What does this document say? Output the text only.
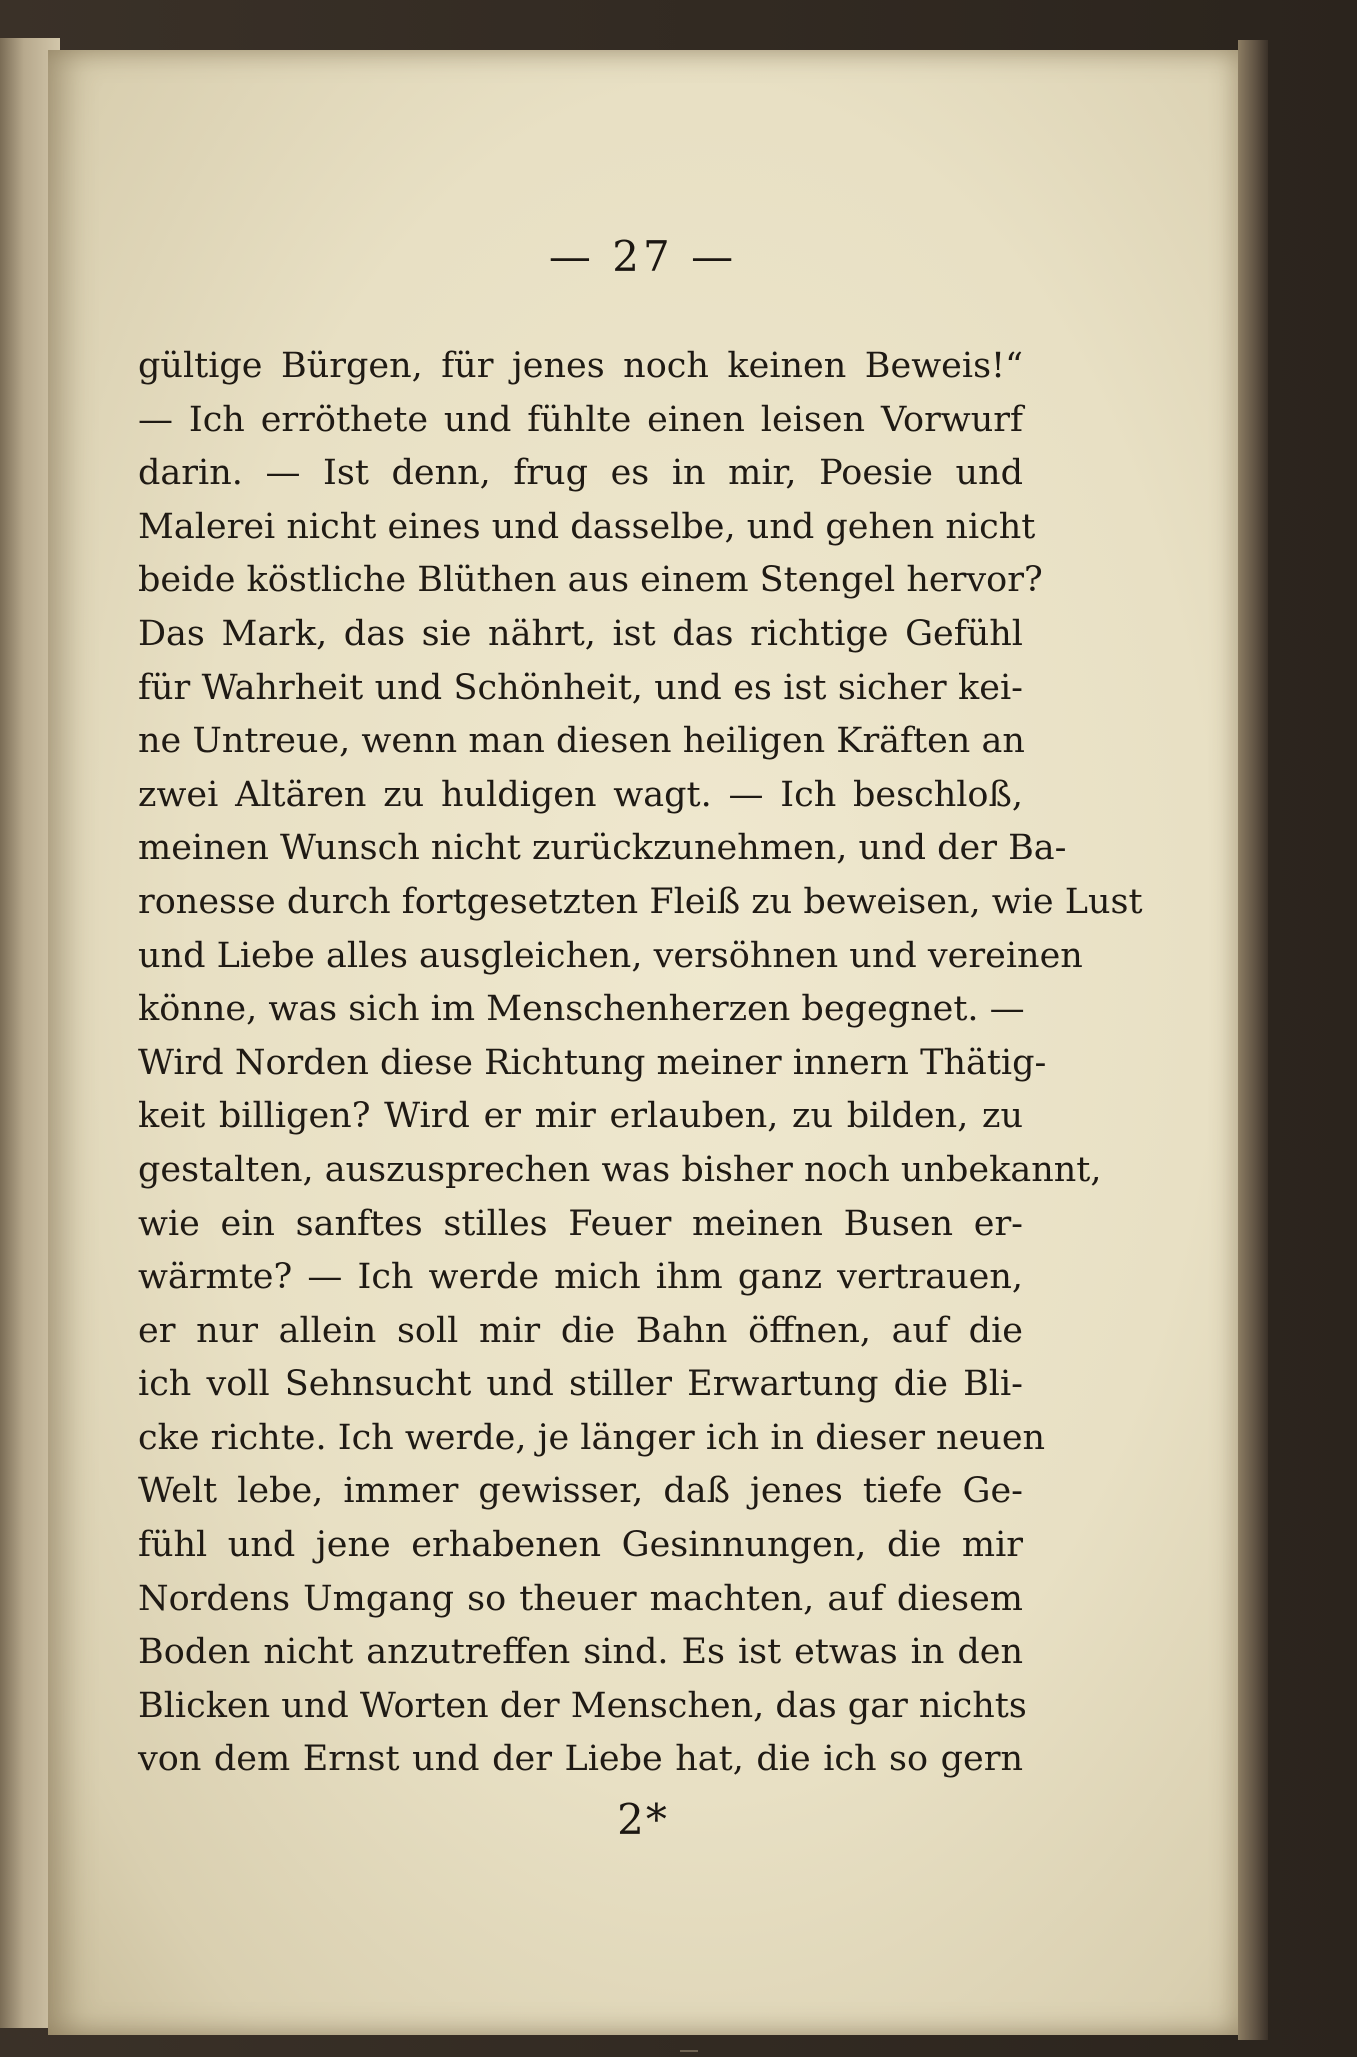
— 27 —
gültige Bürgen, für jenes noch keinen Beweis!“
— Ich erröthete und fühlte einen leisen Vorwurf
darin. — Ist denn, frug es in mir, Poesie und
Malerei nicht eines und dasselbe, und gehen nicht
beide köstliche Blüthen aus einem Stengel hervor?
Das Mark, das sie nährt, ist das richtige Gefühl
für Wahrheit und Schönheit, und es ist sicher kei-
ne Untreue, wenn man diesen heiligen Kräften an
zwei Altären zu huldigen wagt. — Ich beschloß,
meinen Wunsch nicht zurückzunehmen, und der Ba-
ronesse durch fortgesetzten Fleiß zu beweisen, wie Lust
und Liebe alles ausgleichen, versöhnen und vereinen
könne, was sich im Menschenherzen begegnet. —
Wird Norden diese Richtung meiner innern Thätig-
keit billigen? Wird er mir erlauben, zu bilden, zu
gestalten, auszusprechen was bisher noch unbekannt,
wie ein sanftes stilles Feuer meinen Busen er-
wärmte? — Ich werde mich ihm ganz vertrauen,
er nur allein soll mir die Bahn öffnen, auf die
ich voll Sehnsucht und stiller Erwartung die Bli-
cke richte. Ich werde, je länger ich in dieser neuen
Welt lebe, immer gewisser, daß jenes tiefe Ge-
fühl und jene erhabenen Gesinnungen, die mir
Nordens Umgang so theuer machten, auf diesem
Boden nicht anzutreffen sind. Es ist etwas in den
Blicken und Worten der Menschen, das gar nichts
von dem Ernst und der Liebe hat, die ich so gern
2*
